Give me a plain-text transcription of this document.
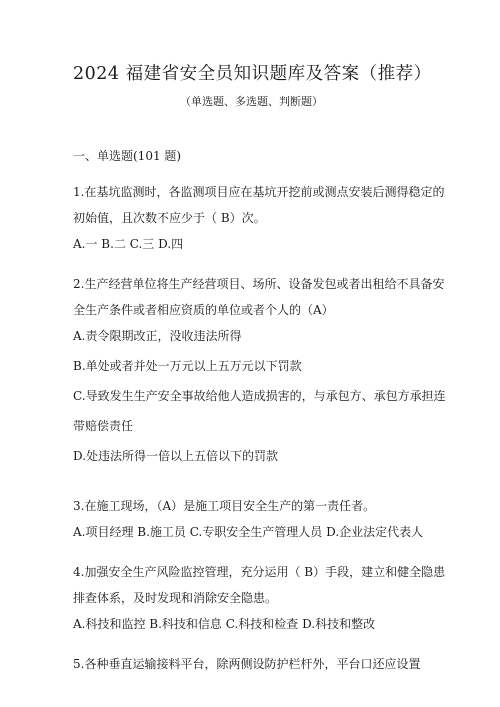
2024 福建省安全员知识题库及答案（推荐）

（单选题、多选题、判断题）

一、单选题(101 题)

1.在基坑监测时，各监测项目应在基坑开挖前或测点安装后测得稳定的
初始值，且次数不应少于（ B）次。

A.一 B.二 C.三 D.四

2.生产经营单位将生产经营项目、场所、设备发包或者出租给不具备安
全生产条件或者相应资质的单位或者个人的（A）

A.责令限期改正，没收违法所得

B.单处或者并处一万元以上五万元以下罚款

C.导致发生生产安全事故给他人造成损害的，与承包方、承包方承担连

带赔偿责任

D.处违法所得一倍以上五倍以下的罚款

3.在施工现场，（A）是施工项目安全生产的第一责任者。

A.项目经理 B.施工员 C.专职安全生产管理人员 D.企业法定代表人

4.加强安全生产风险监控管理，充分运用（ B）手段，建立和健全隐患
排查体系，及时发现和消除安全隐患。

A.科技和监控 B.科技和信息 C.科技和检查 D.科技和整改

5.各种垂直运输接料平台，除两侧设防护栏杆外，平台口还应设置
